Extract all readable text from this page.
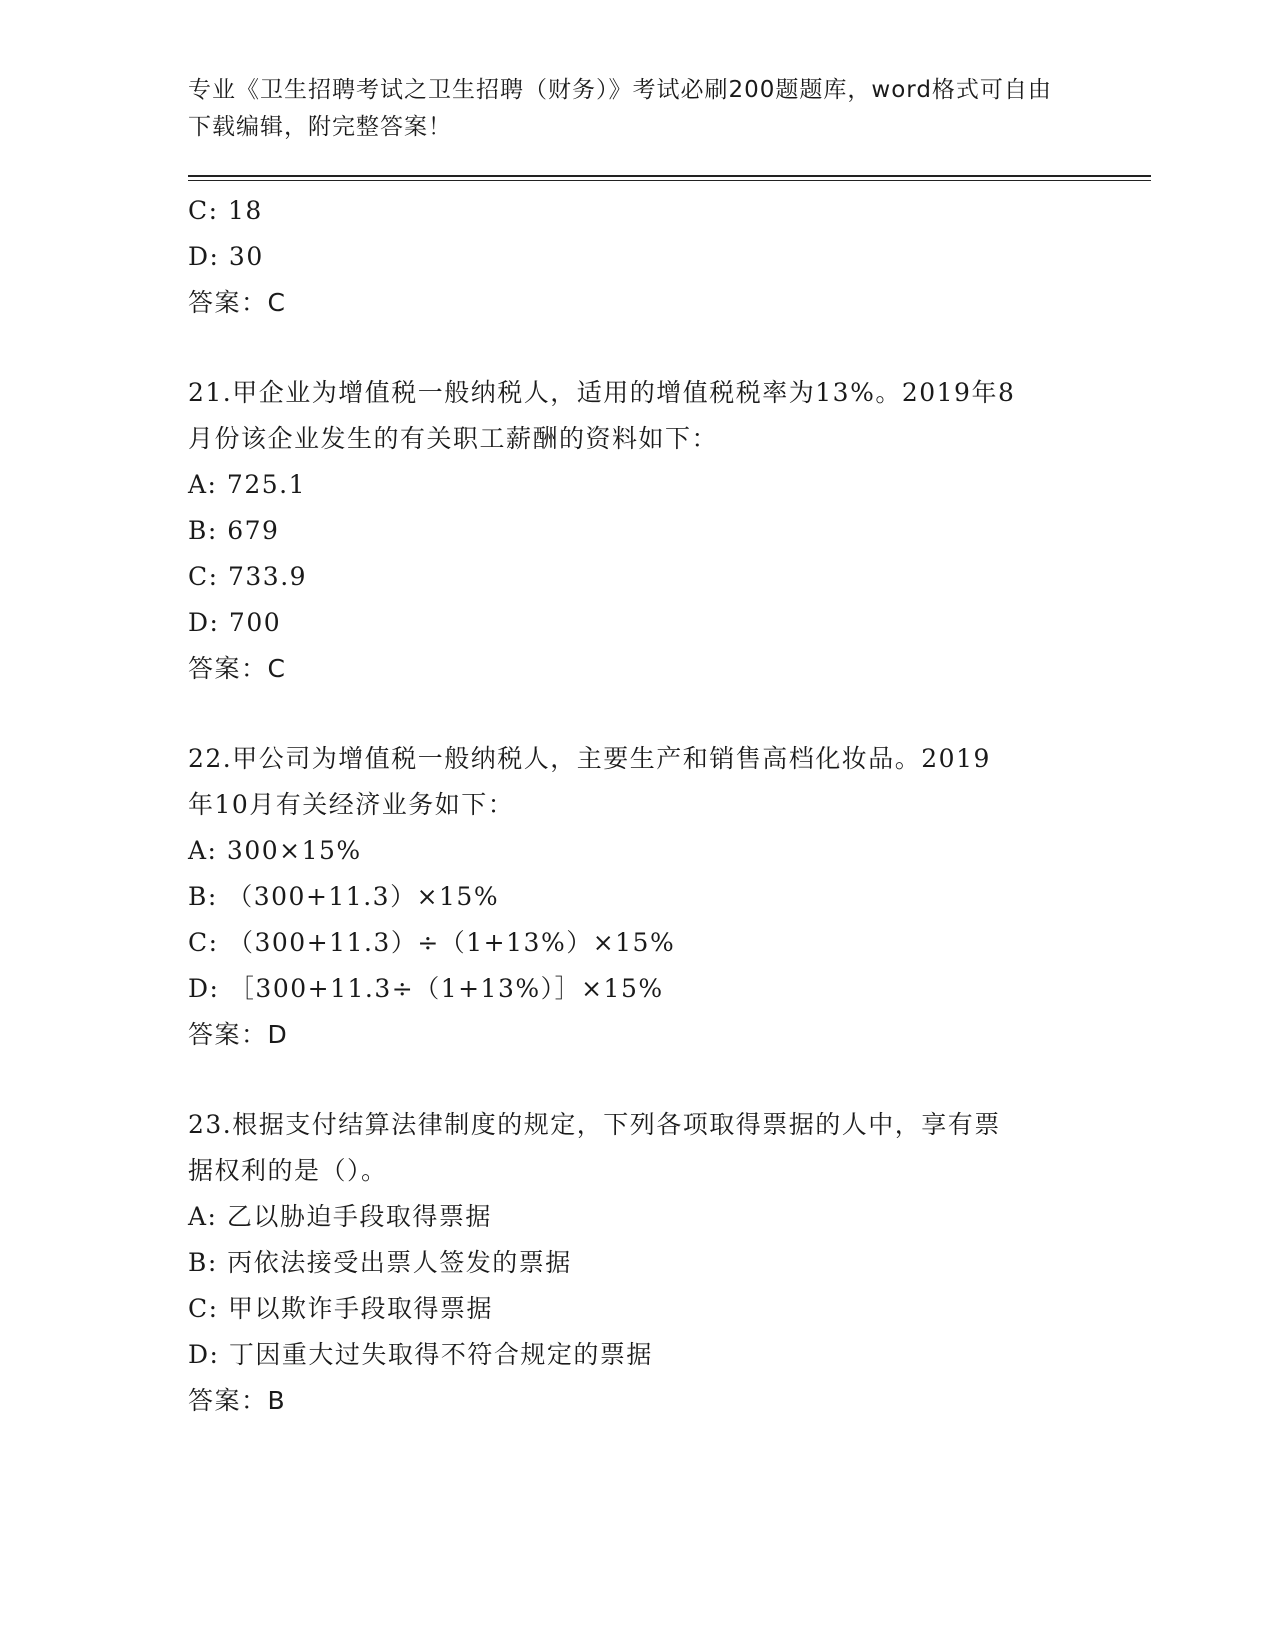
专业《卫生招聘考试之卫生招聘（财务）》考试必刷200题题库，word格式可自由下载编辑，附完整答案！
C: 18
D: 30
答案：C
21.甲企业为增值税一般纳税人，适用的增值税税率为13%。2019年8
月份该企业发生的有关职工薪酬的资料如下：
A: 725.1
B: 679
C: 733.9
D: 700
答案：C
22.甲公司为增值税一般纳税人，主要生产和销售高档化妆品。2019
年10月有关经济业务如下：
A: 300×15%
B: （300+11.3）×15%
C: （300+11.3）÷（1+13%）×15%
D: ［300+11.3÷（1+13%）］×15%
答案：D
23.根据支付结算法律制度的规定，下列各项取得票据的人中，享有票
据权利的是（）。
A: 乙以胁迫手段取得票据
B: 丙依法接受出票人签发的票据
C: 甲以欺诈手段取得票据
D: 丁因重大过失取得不符合规定的票据
答案：B
